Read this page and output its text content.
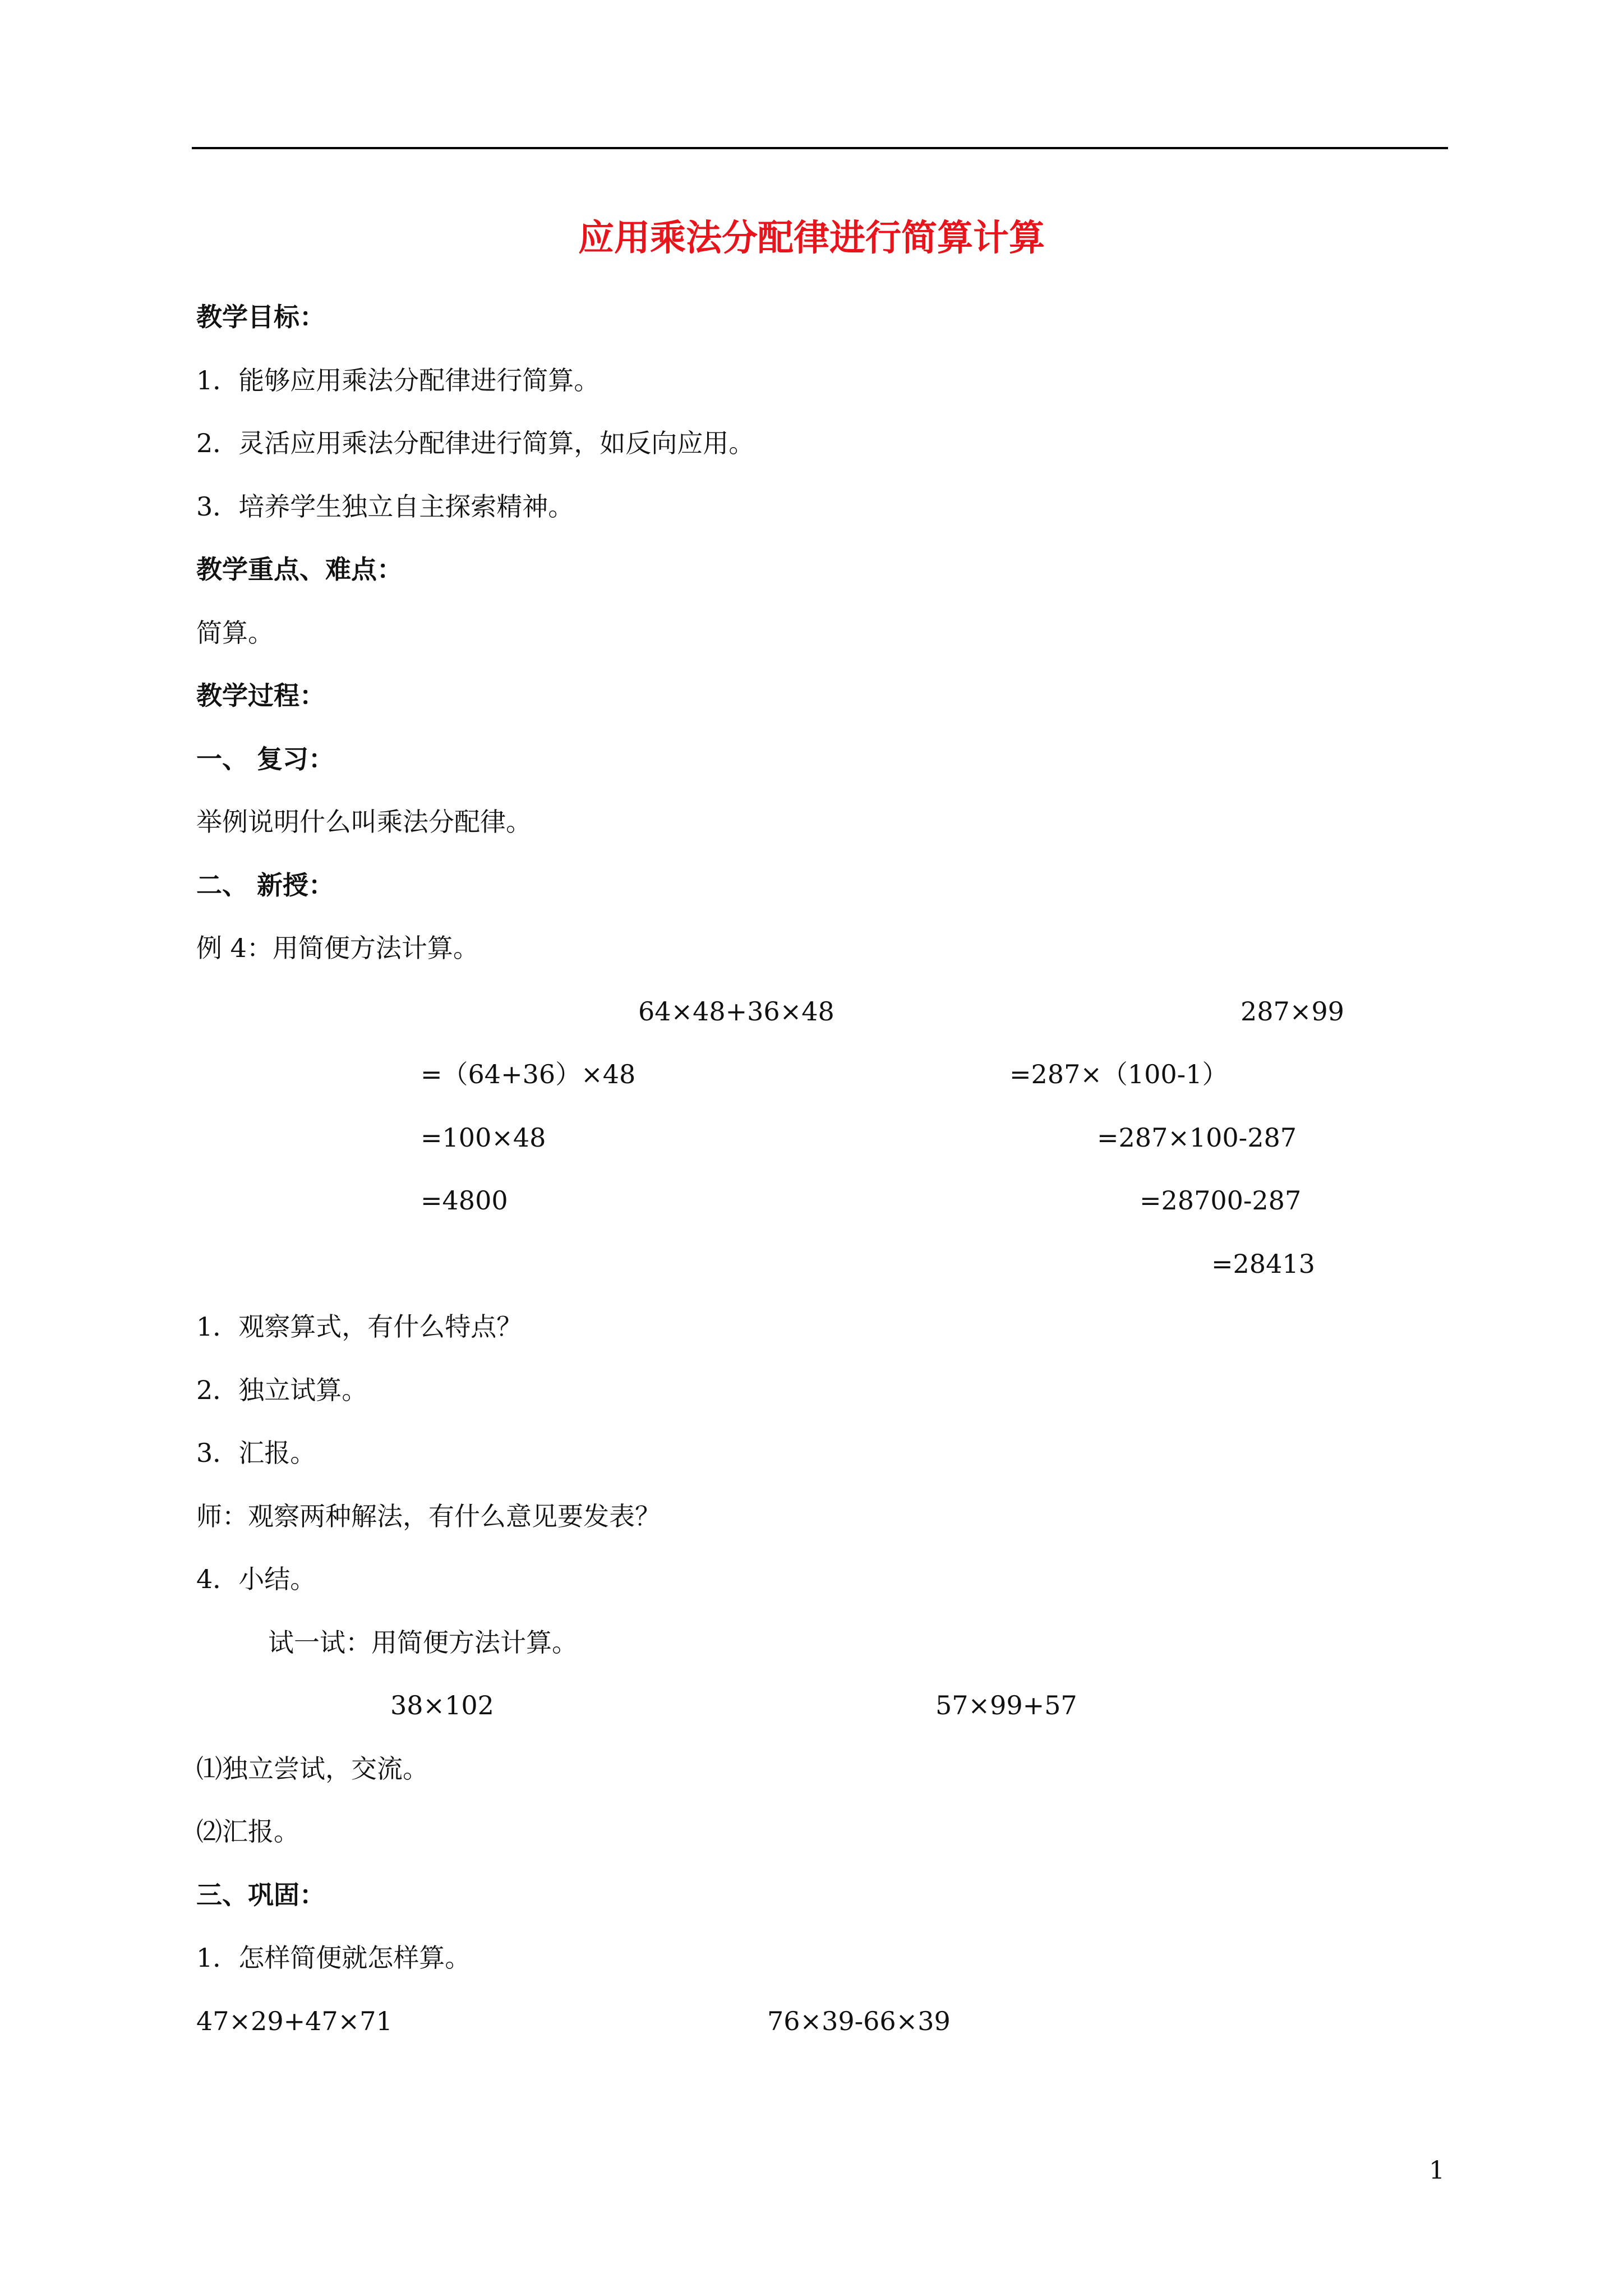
应用乘法分配律进行简算计算
教学目标：
1．能够应用乘法分配律进行简算。
2．灵活应用乘法分配律进行简算，如反向应用。
3．培养学生独立自主探索精神。
教学重点、难点：
简算。
教学过程：
一、 复习：
举例说明什么叫乘法分配律。
二、 新授：
例 4：用简便方法计算。
64×48+36×48
=（64+36）×48
=100×48
=4800
287×99
=287×（100-1）
=287×100-287
=28700-287
=28413
1．观察算式，有什么特点？
2．独立试算。
3．汇报。
师：观察两种解法，有什么意见要发表？
4．小结。
试一试：用简便方法计算。
38×102	57×99+57
⑴独立尝试，交流。
⑵汇报。
三、巩固：
1．怎样简便就怎样算。
47×29+47×71	76×39-66×39
1
